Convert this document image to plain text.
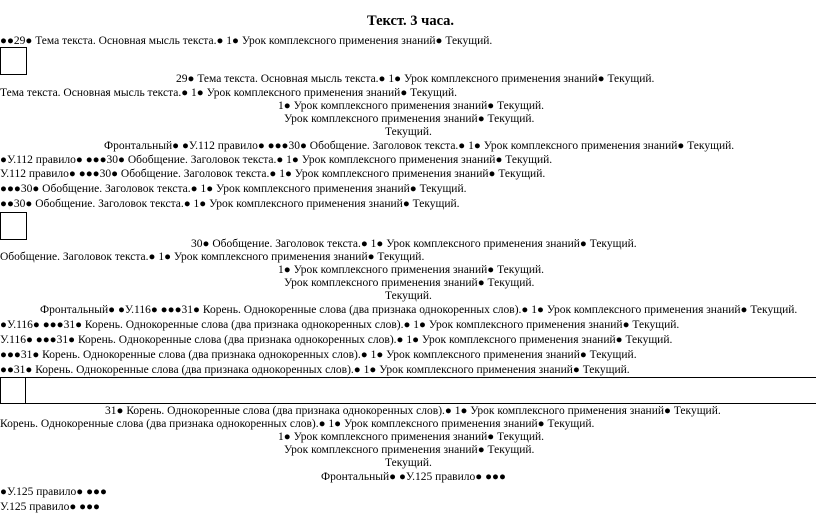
Текст. 3 часа.
●●29● Тема текста. Основная мысль текста.● 1● Урок комплексного применения знаний● Текущий.
29● Тема текста. Основная мысль текста.● 1● Урок комплексного применения знаний● Текущий.
Тема текста. Основная мысль текста.● 1● Урок комплексного применения знаний● Текущий.
1● Урок комплексного применения знаний● Текущий.
Урок комплексного применения знаний● Текущий.
Текущий.
Фронтальный● ●У.112 правило● ●●●30● Обобщение. Заголовок текста.● 1● Урок комплексного применения знаний● Текущий.
●У.112 правило● ●●●30● Обобщение. Заголовок текста.● 1● Урок комплексного применения знаний● Текущий.
У.112 правило● ●●●30● Обобщение. Заголовок текста.● 1● Урок комплексного применения знаний● Текущий.
●●●30● Обобщение. Заголовок текста.● 1● Урок комплексного применения знаний● Текущий.
●●30● Обобщение. Заголовок текста.● 1● Урок комплексного применения знаний● Текущий.
30● Обобщение. Заголовок текста.● 1● Урок комплексного применения знаний● Текущий.
Обобщение. Заголовок текста.● 1● Урок комплексного применения знаний● Текущий.
1● Урок комплексного применения знаний● Текущий.
Урок комплексного применения знаний● Текущий.
Текущий.
Фронтальный● ●У.116● ●●●31● Корень. Однокоренные слова (два признака однокоренных слов).● 1● Урок комплексного применения знаний● Текущий.
●У.116● ●●●31● Корень. Однокоренные слова (два признака однокоренных слов).● 1● Урок комплексного применения знаний● Текущий.
У.116● ●●●31● Корень. Однокоренные слова (два признака однокоренных слов).● 1● Урок комплексного применения знаний● Текущий.
●●●31● Корень. Однокоренные слова (два признака однокоренных слов).● 1● Урок комплексного применения знаний● Текущий.
●●31● Корень. Однокоренные слова (два признака однокоренных слов).● 1● Урок комплексного применения знаний● Текущий.
31● Корень. Однокоренные слова (два признака однокоренных слов).● 1● Урок комплексного применения знаний● Текущий.
Корень. Однокоренные слова (два признака однокоренных слов).● 1● Урок комплексного применения знаний● Текущий.
1● Урок комплексного применения знаний● Текущий.
Урок комплексного применения знаний● Текущий.
Текущий.
Фронтальный● ●У.125 правило● ●●●
●У.125 правило● ●●●
У.125 правило● ●●●
